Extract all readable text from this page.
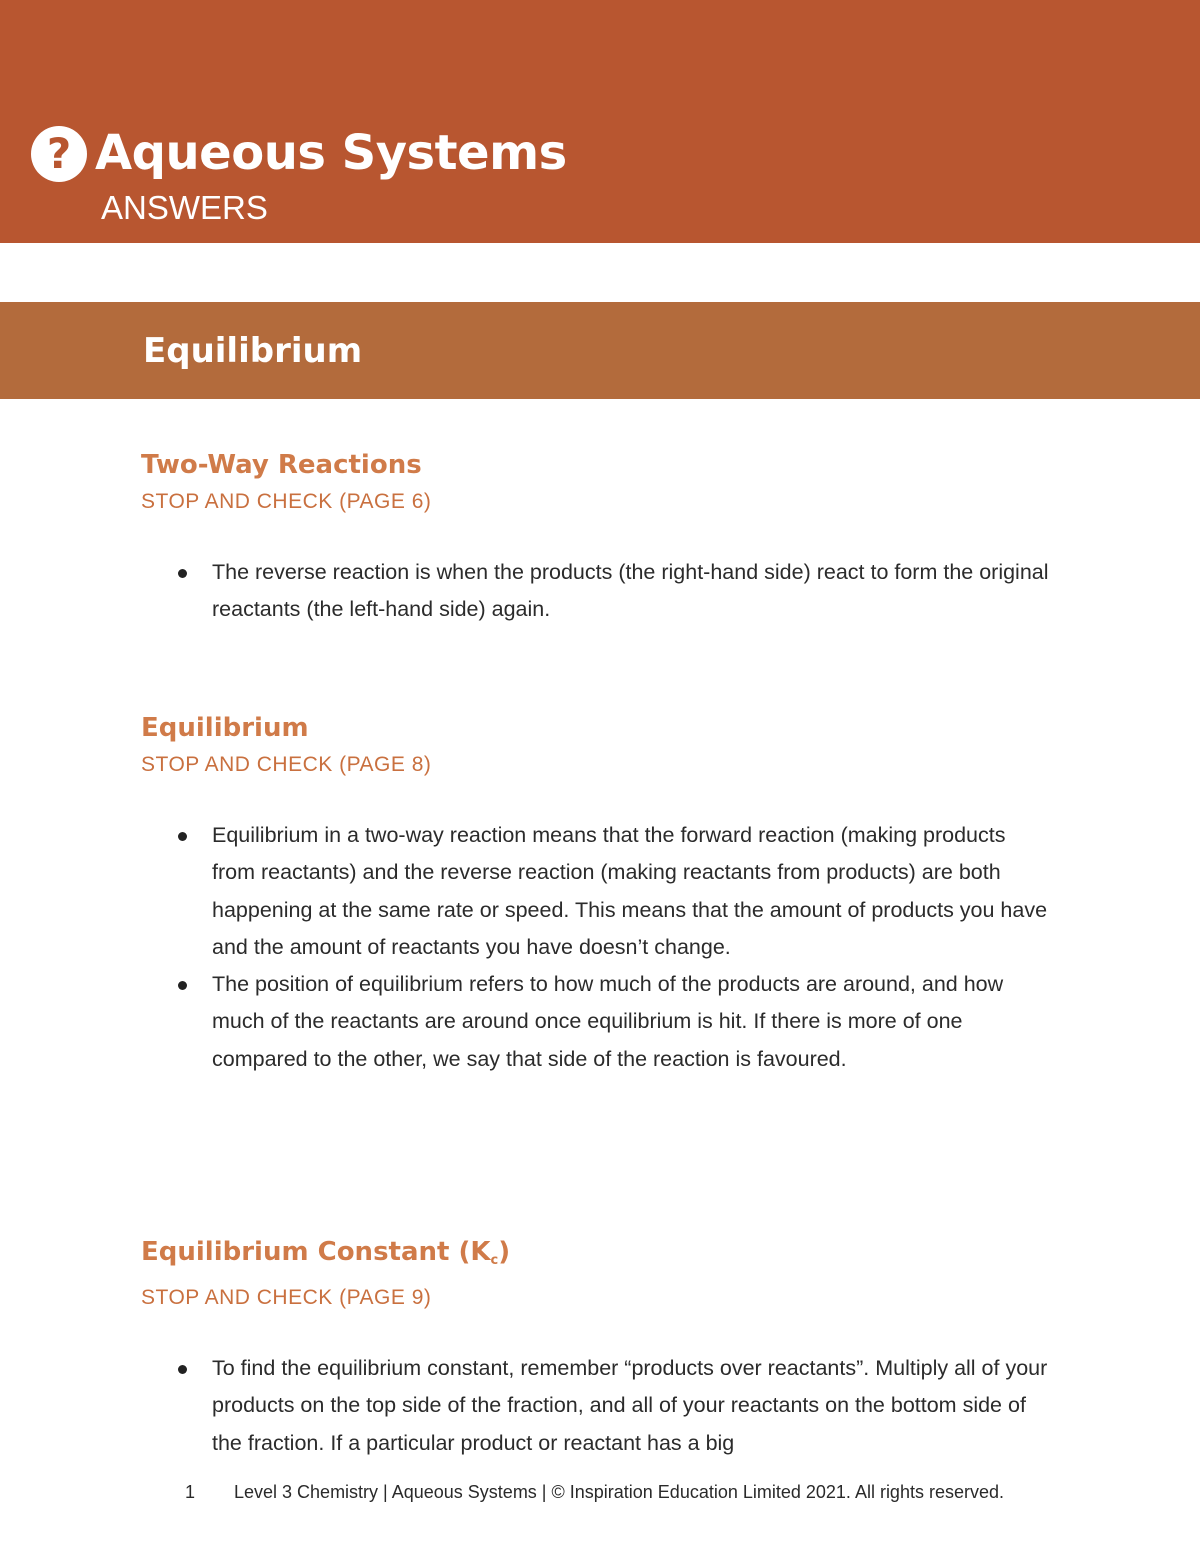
? Aqueous Systems
ANSWERS
Equilibrium
Two-Way Reactions
STOP AND CHECK (PAGE 6)
The reverse reaction is when the products (the right-hand side) react to form the original reactants (the left-hand side) again.
Equilibrium
STOP AND CHECK (PAGE 8)
Equilibrium in a two-way reaction means that the forward reaction (making products from reactants) and the reverse reaction (making reactants from products) are both happening at the same rate or speed. This means that the amount of products you have and the amount of reactants you have doesn’t change.
The position of equilibrium refers to how much of the products are around, and how much of the reactants are around once equilibrium is hit. If there is more of one compared to the other, we say that side of the reaction is favoured.
Equilibrium Constant $(K_c)$
STOP AND CHECK (PAGE 9)
To find the equilibrium constant, remember “products over reactants”. Multiply all of your products on the top side of the fraction, and all of your reactants on the bottom side of the fraction. If a particular product or reactant has a big
1 Level 3 Chemistry | Aqueous Systems | © Inspiration Education Limited 2021. All rights reserved.
